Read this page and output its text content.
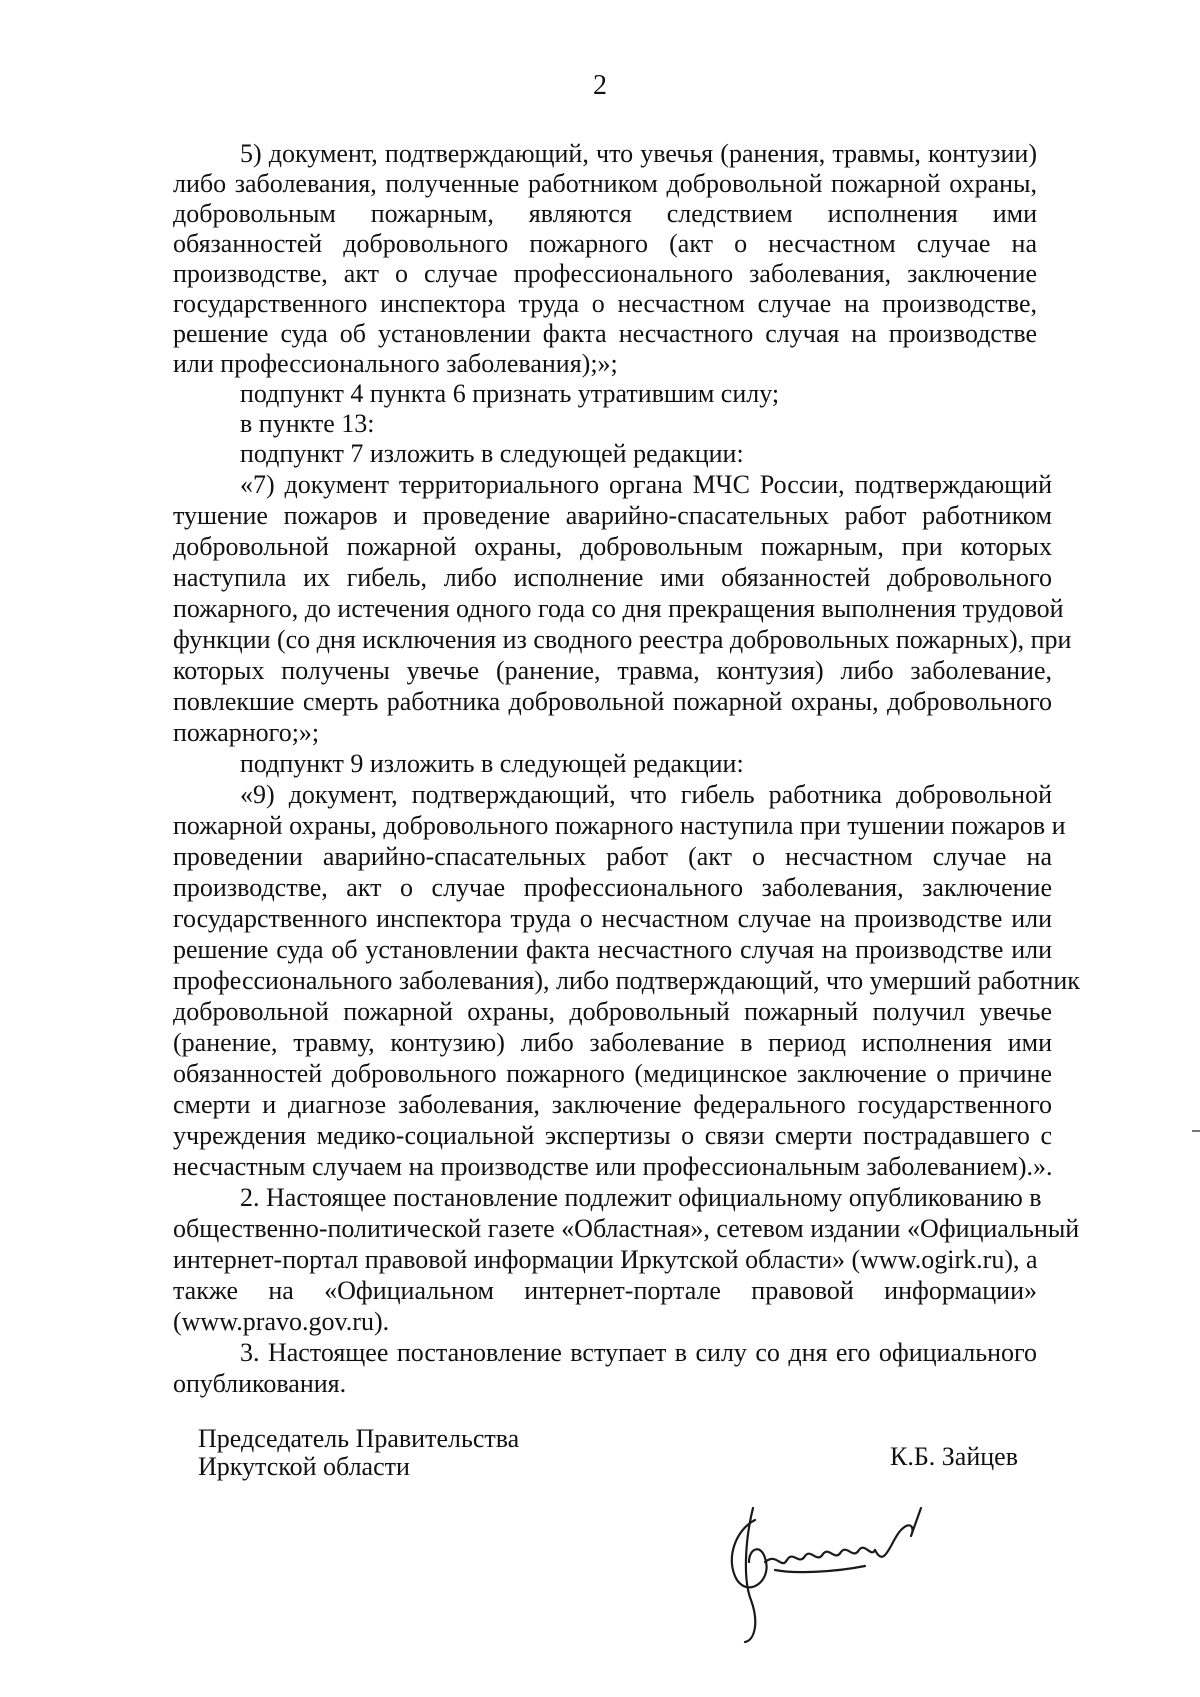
2

5) документ, подтверждающий, что увечья (ранения, травмы, контузии)

либо заболевания, полученные работником добровольной пожарной охраны,

добровольным пожарным, являются следствием исполнения ими

обязанностей добровольного пожарного (акт о несчастном случае на

производстве, акт о случае профессионального заболевания, заключение

государственного инспектора труда о несчастном случае на производстве,

решение суда об установлении факта несчастного случая на производстве

или профессионального заболевания);»;

подпункт 4 пункта 6 признать утратившим силу;

в пункте 13:

подпункт 7 изложить в следующей редакции:

«7) документ территориального органа МЧС России, подтверждающий

тушение пожаров и проведение аварийно-спасательных работ работником

добровольной пожарной охраны, добровольным пожарным, при которых

наступила их гибель, либо исполнение ими обязанностей добровольного

пожарного, до истечения одного года со дня прекращения выполнения трудовой

функции (со дня исключения из сводного реестра добровольных пожарных), при

которых получены увечье (ранение, травма, контузия) либо заболевание,

повлекшие смерть работника добровольной пожарной охраны, добровольного

пожарного;»;

подпункт 9 изложить в следующей редакции:

«9) документ, подтверждающий, что гибель работника добровольной

пожарной охраны, добровольного пожарного наступила при тушении пожаров и

проведении аварийно-спасательных работ (акт о несчастном случае на

производстве, акт о случае профессионального заболевания, заключение

государственного инспектора труда о несчастном случае на производстве или

решение суда об установлении факта несчастного случая на производстве или

профессионального заболевания), либо подтверждающий, что умерший работник

добровольной пожарной охраны, добровольный пожарный получил увечье

(ранение, травму, контузию) либо заболевание в период исполнения ими

обязанностей добровольного пожарного (медицинское заключение о причине

смерти и диагнозе заболевания, заключение федерального государственного

учреждения медико-социальной экспертизы о связи смерти пострадавшего с

несчастным случаем на производстве или профессиональным заболеванием).».

2. Настоящее постановление подлежит официальному опубликованию в

общественно-политической газете «Областная», сетевом издании «Официальный

интернет-портал правовой информации Иркутской области» (www.ogirk.ru), а

также на «Официальном интернет-портале правовой информации»

(www.pravo.gov.ru).

3. Настоящее постановление вступает в силу со дня его официального

опубликования.

Председатель Правительства

Иркутской области	К.Б. Зайцев
